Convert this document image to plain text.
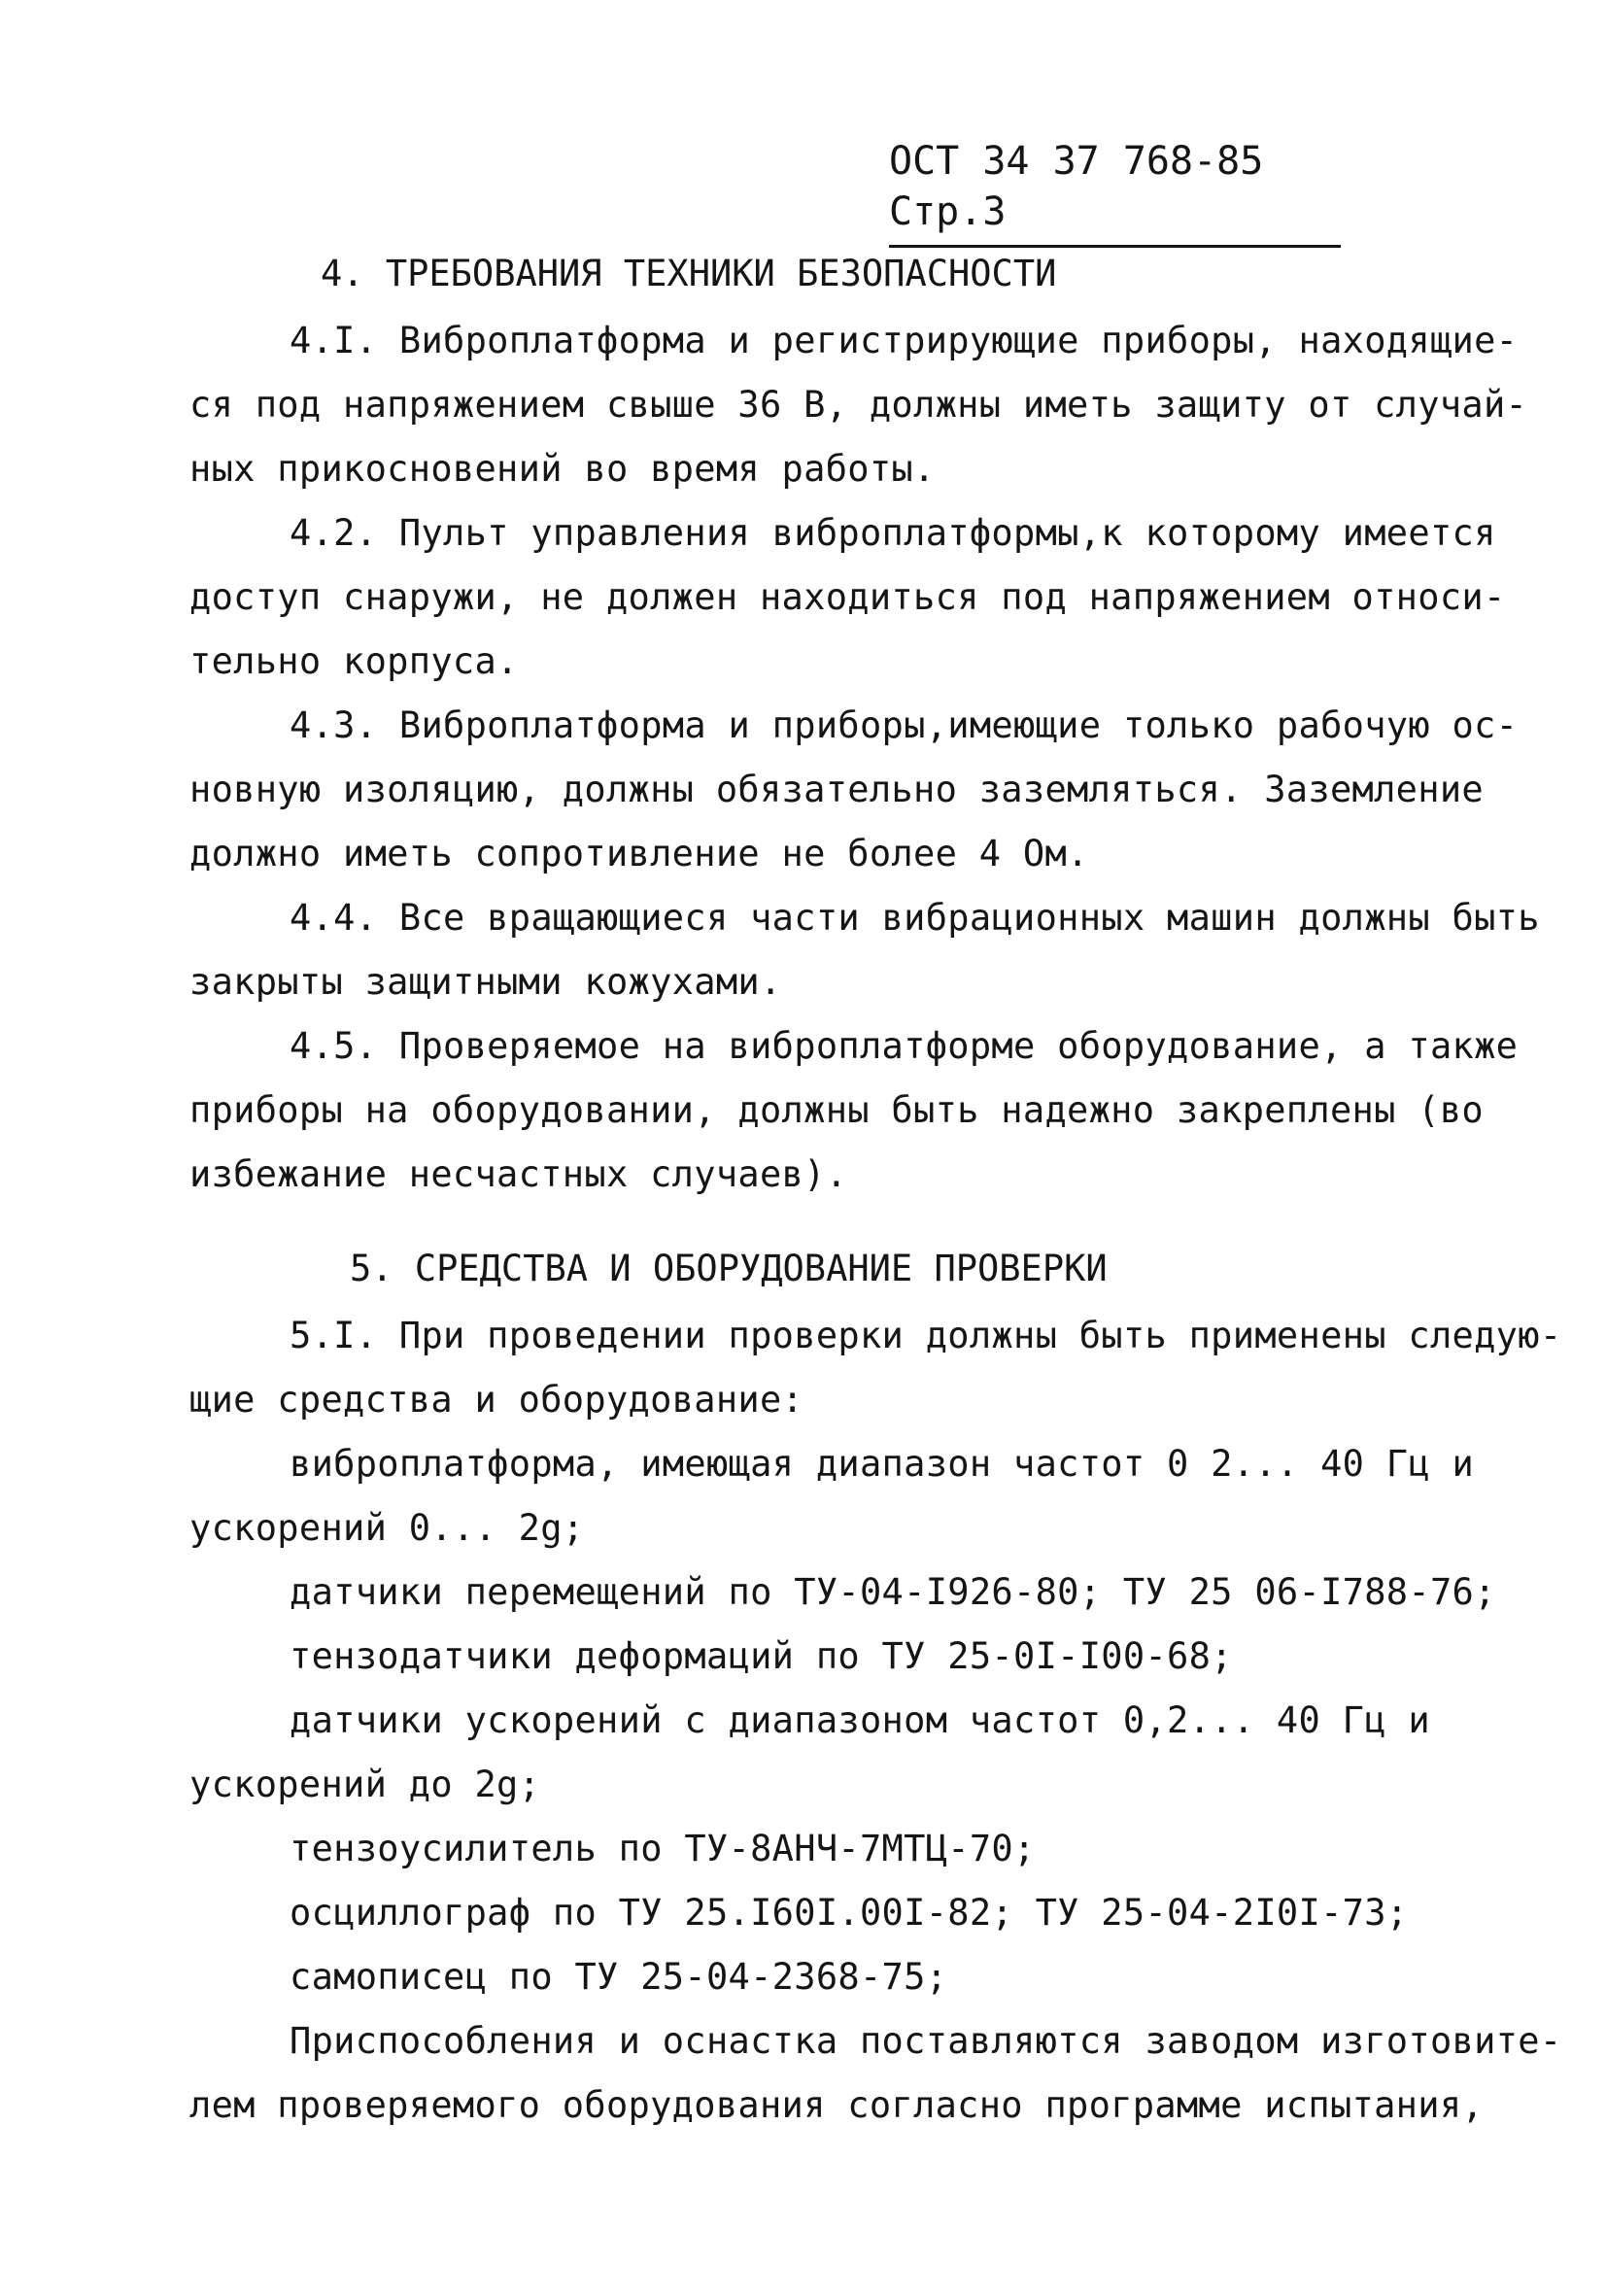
ОСТ 34 37 768-85 Стр.3
4. ТРЕБОВАНИЯ ТЕХНИКИ БЕЗОПАСНОСТИ
4.I. Виброплатформа и регистрирующие приборы, находящие-
ся под напряжением свыше 36 В, должны иметь защиту от случай-
ных прикосновений во время работы.
4.2. Пульт управления виброплатформы,к которому имеется
доступ снаружи, не должен находиться под напряжением относи-
тельно корпуса.
4.3. Виброплатформа и приборы,имеющие только рабочую ос-
новную изоляцию, должны обязательно заземляться. Заземление
должно иметь сопротивление не более 4 Ом.
4.4. Все вращающиеся части вибрационных машин должны быть
закрыты защитными кожухами.
4.5. Проверяемое на виброплатформе оборудование, а также
приборы на оборудовании, должны быть надежно закреплены (во
избежание несчастных случаев).
5. СРЕДСТВА И ОБОРУДОВАНИЕ ПРОВЕРКИ
5.I. При проведении проверки должны быть применены следую-
щие средства и оборудование:
виброплатформа, имеющая диапазон частот 0 2... 40 Гц и
ускорений 0... 2g;
датчики перемещений по ТУ-04-I926-80; ТУ 25 06-I788-76;
тензодатчики деформаций по ТУ 25-0I-I00-68;
датчики ускорений с диапазоном частот 0,2... 40 Гц и
ускорений до 2g;
тензоусилитель по ТУ-8АНЧ-7МТЦ-70;
осциллограф по ТУ 25.I60I.00I-82; ТУ 25-04-2I0I-73;
самописец по ТУ 25-04-2368-75;
Приспособления и оснастка поставляются заводом изготовите-
лем проверяемого оборудования согласно программе испытания,
